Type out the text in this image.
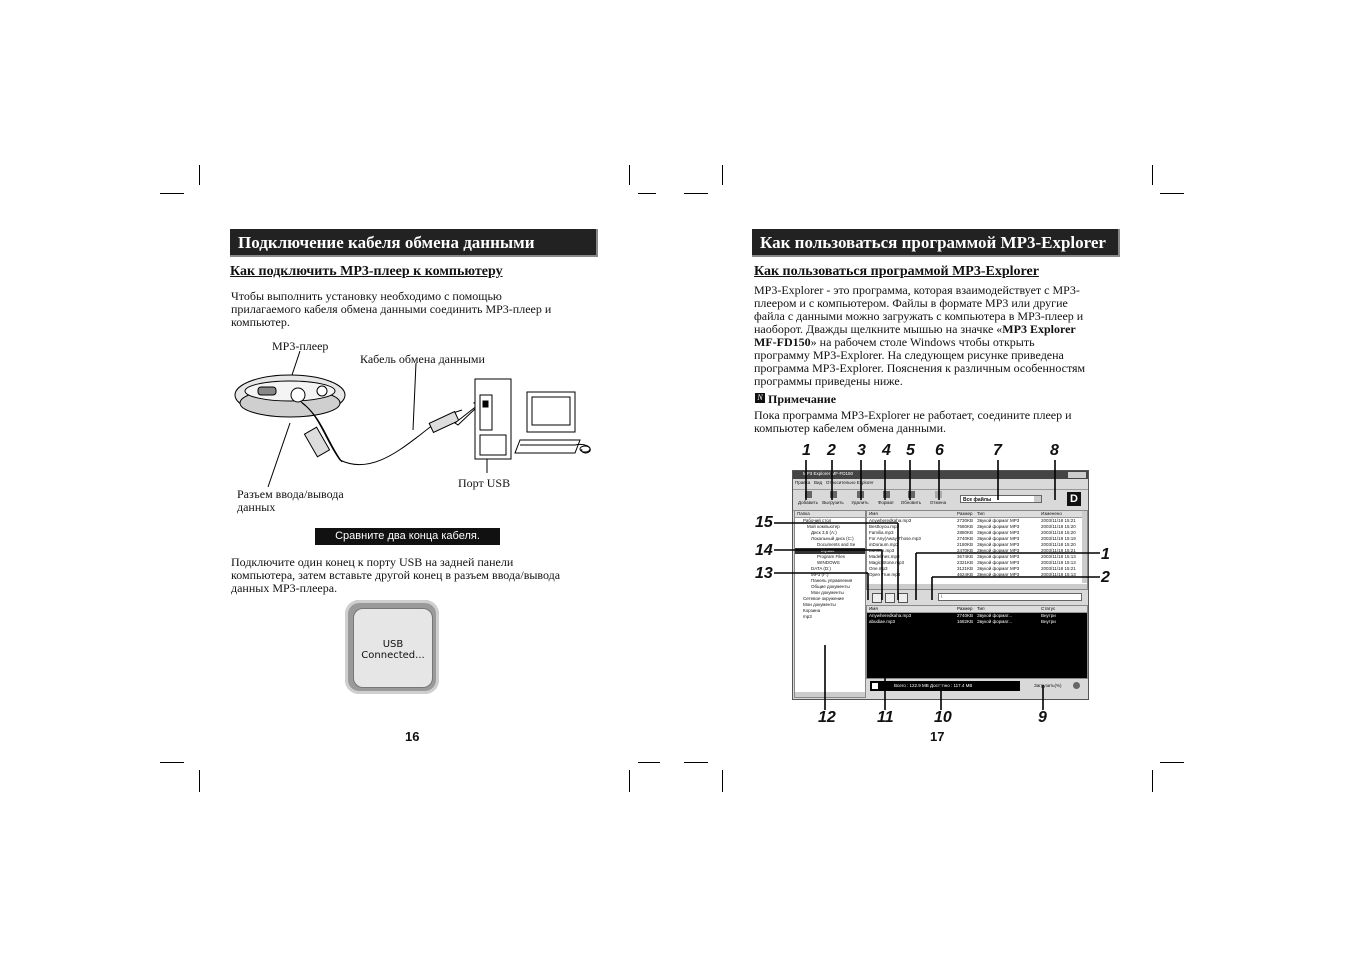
Подключение кабеля обмена данными
Как подключить MP3-плеер к компьютеру
Чтобы выполнить установку необходимо с помощью
прилагаемого кабеля обмена данными соединить MP3-плеер и
компьютер.
MP3-плеер
Кабель обмена данными
Порт USB
Разъем ввода/вывода
данных
Сравните два конца кабеля.
Подключите один конец к порту USB на задней панели
компьютера, затем вставьте другой конец в разъем ввода/вывода
данных MP3-плеера.
USB
Connected...
16
Как пользоваться программой MP3-Explorer
Как пользоваться программой MP3-Explorer
MP3-Explorer - это программа, которая взаимодействует с MP3-
плеером и с компьютером. Файлы в формате MP3 или другие
файла с данными можно загружать с компьютера в MP3-плеер и
наоборот. Дважды щелкните мышью на значке «MP3 Explorer
MF-FD150» на рабочем столе Windows чтобы открыть
программу MP3-Explorer. На следующем рисунке приведена
программа MP3-Explorer. Пояснения к различным особенностям
программы приведены ниже.
N Примечание
Пока программа MP3-Explorer не работает, соедините плеер и
компьютер кабелем обмена данными.
1 2 3 4 5 6	7	8
15
14
13
1
2
12	11	10	9
MP3 Explorer MF-FD150
Правка Вид Относительно Explorer
Добавить Выгрузить	Удалить	Формат	Обновить	Отмена	Все файлы	D
Папка
Рабочий стол
Мой компьютер
Диск 3,5 (A:)
Локальный диск (C:)
Documents and Se
Музык
Program Files
WINDOWS
DATA (D:)
MP3 (F:)
Панель управления
Общие документы
Мои документы
Сетевое окружение
Мои документы
Корзина
mp3
Имя	Размер	Тип	Изменено
Anywheredkaha.mp3	2730KB Звукой формат MP3	2003/11/18 15:21
Besttoyou.mp3	7680KB Звукой формат MP3	2003/11/18 15:20
Familia.mp3	2880KB Звукой формат MP3	2003/11/18 15:20
For Any(Away)Those.mp3	2740KB Звукой формат MP3	2003/11/18 15:19
inDoraum.mp3	2180KB Звукой формат MP3	2003/11/18 15:20
Lantern.mp3	2470KB Звукой формат MP3	2003/11/18 15:21
Madelines.mp3	3674KB Звукой формат MP3	2003/11/18 15:13
Magic Stone.mp3	2321KB Звукой формат MP3	2003/11/18 15:13
One.mp3	3121KB Звукой формат MP3	2003/11/18 15:21
Open True.mp3	4624KB Звукой формат MP3	2003/11/18 15:13
\
Имя	Размер	Тип	Статус
Anywheredkaha.mp3	2740KB Звукой формат...	Внутри
abudiae.mp3	1682KB Звукой формат...	Внутри
Всего : 122.9 MB Доступно : 117.4 MB	Загрузить(%)
17
